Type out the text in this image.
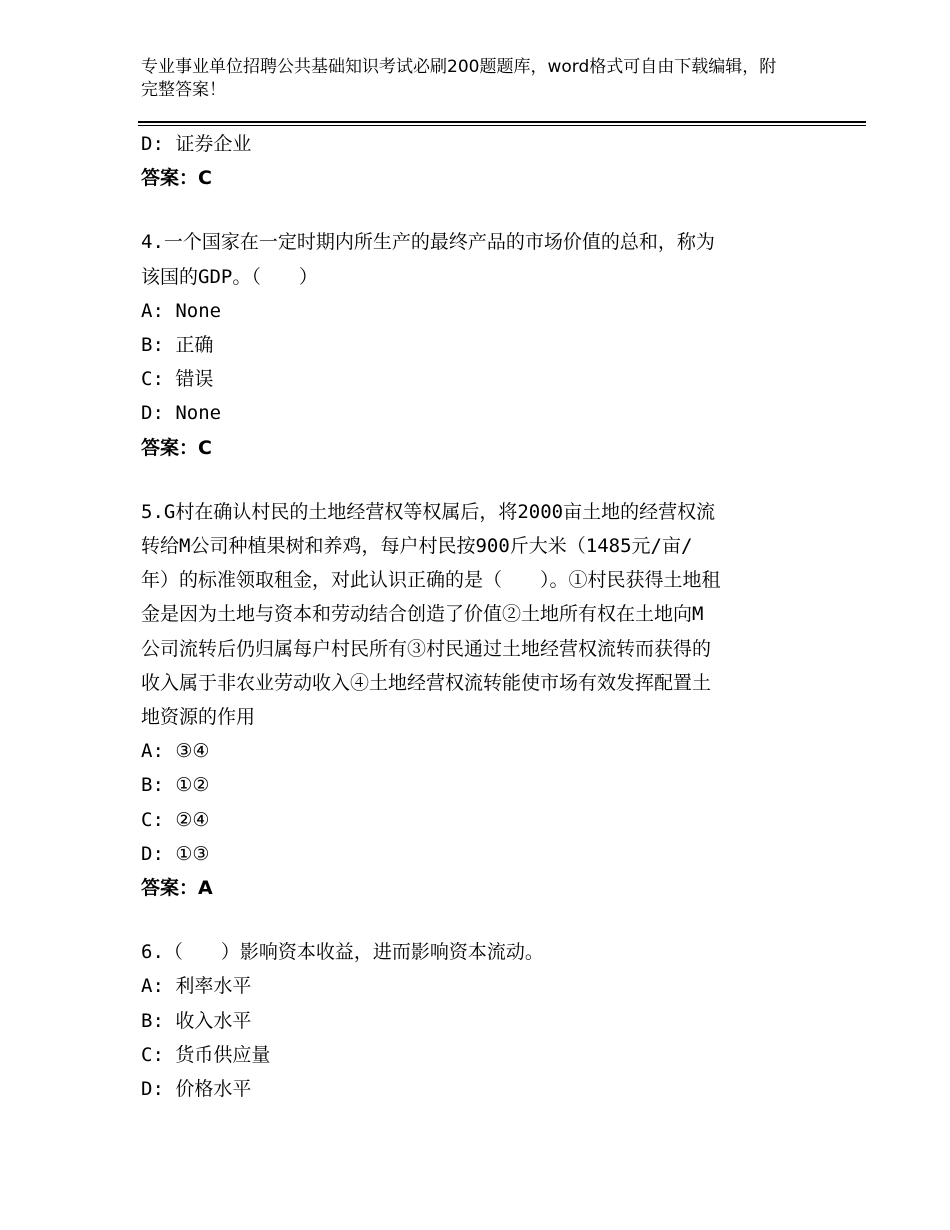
专业事业单位招聘公共基础知识考试必刷200题题库，word格式可自由下载编辑，附完整答案！
D: 证券企业
答案：C
4.一个国家在一定时期内所生产的最终产品的市场价值的总和，称为
该国的GDP。（　　）
A: None
B: 正确
C: 错误
D: None
答案：C
5.G村在确认村民的土地经营权等权属后，将2000亩土地的经营权流
转给M公司种植果树和养鸡，每户村民按900斤大米（1485元/亩/
年）的标准领取租金，对此认识正确的是（　　）。①村民获得土地租
金是因为土地与资本和劳动结合创造了价值②土地所有权在土地向M
公司流转后仍归属每户村民所有③村民通过土地经营权流转而获得的
收入属于非农业劳动收入④土地经营权流转能使市场有效发挥配置土
地资源的作用
A: ③④
B: ①②
C: ②④
D: ①③
答案：A
6.（　　）影响资本收益，进而影响资本流动。
A: 利率水平
B: 收入水平
C: 货币供应量
D: 价格水平
